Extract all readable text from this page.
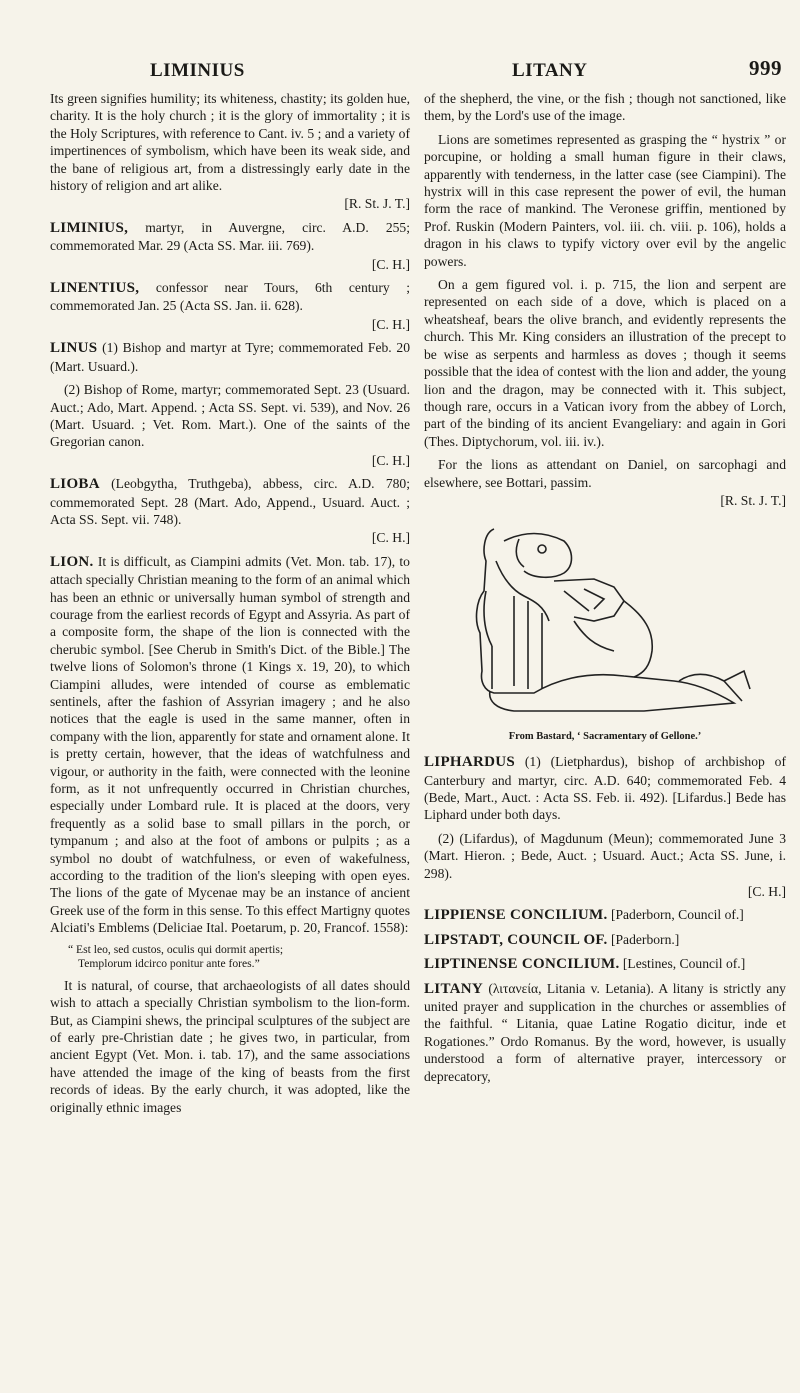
LIMINIUS	LITANY	999

Its green signifies humility; its whiteness, chastity; its golden hue, charity. It is the holy church ; it is the glory of immortality ; it is the Holy Scriptures, with reference to Cant. iv. 5 ; and a variety of impertinences of symbolism, which have been its weak side, and the bane of religious art, from a distressingly early date in the history of religion and art alike.
[R. St. J. T.]

LIMINIUS, martyr, in Auvergne, circ. A.D. 255; commemorated Mar. 29 (Acta SS. Mar. iii. 769).
[C. H.]

LINENTIUS, confessor near Tours, 6th century ; commemorated Jan. 25 (Acta SS. Jan. ii. 628).
[C. H.]

LINUS (1) Bishop and martyr at Tyre; commemorated Feb. 20 (Mart. Usuard.).

(2) Bishop of Rome, martyr; commemorated Sept. 23 (Usuard. Auct.; Ado, Mart. Append. ; Acta SS. Sept. vi. 539), and Nov. 26 (Mart. Usuard. ; Vet. Rom. Mart.). One of the saints of the Gregorian canon.
[C. H.]

LIOBA (Leobgytha, Truthgeba), abbess, circ. A.D. 780; commemorated Sept. 28 (Mart. Ado, Append., Usuard. Auct. ; Acta SS. Sept. vii. 748).
[C. H.]

LION. It is difficult, as Ciampini admits (Vet. Mon. tab. 17), to attach specially Christian meaning to the form of an animal which has been an ethnic or universally human symbol of strength and courage from the earliest records of Egypt and Assyria. As part of a composite form, the shape of the lion is connected with the cherubic symbol. [See Cherub in Smith's Dict. of the Bible.] The twelve lions of Solomon's throne (1 Kings x. 19, 20), to which Ciampini alludes, were intended of course as emblematic sentinels, after the fashion of Assyrian imagery ; and he also notices that the eagle is used in the same manner, often in company with the lion, apparently for state and ornament alone. It is pretty certain, however, that the ideas of watchfulness and vigour, or authority in the faith, were connected with the leonine form, as it not unfrequently occurred in Christian churches, especially under Lombard rule. It is placed at the doors, very frequently as a solid base to small pillars in the porch, or tympanum ; and also at the foot of ambons or pulpits ; as a symbol no doubt of watchfulness, or even of wakefulness, according to the tradition of the lion's sleeping with open eyes. The lions of the gate of Mycenae may be an instance of ancient Greek use of the form in this sense. To this effect Martigny quotes Alciati's Emblems (Deliciae Ital. Poetarum, p. 20, Francof. 1558):

“ Est leo, sed custos, oculis qui dormit apertis;
Templorum idcirco ponitur ante fores.”

It is natural, of course, that archaeologists of all dates should wish to attach a specially Christian symbolism to the lion-form. But, as Ciampini shews, the principal sculptures of the subject are of early pre-Christian date ; he gives two, in particular, from ancient Egypt (Vet. Mon. i. tab. 17), and the same associations have attended the image of the king of beasts from the first records of ideas. By the early church, it was adopted, like the originally ethnic images

of the shepherd, the vine, or the fish ; though not sanctioned, like them, by the Lord's use of the image.

Lions are sometimes represented as grasping the “ hystrix ” or porcupine, or holding a small human figure in their claws, apparently with tenderness, in the latter case (see Ciampini). The hystrix will in this case represent the power of evil, the human form the race of mankind. The Veronese griffin, mentioned by Prof. Ruskin (Modern Painters, vol. iii. ch. viii. p. 106), holds a dragon in his claws to typify victory over evil by the angelic powers.

On a gem figured vol. i. p. 715, the lion and serpent are represented on each side of a dove, which is placed on a wheatsheaf, bears the olive branch, and evidently represents the church. This Mr. King considers an illustration of the precept to be wise as serpents and harmless as doves ; though it seems possible that the idea of contest with the lion and adder, the young lion and the dragon, may be connected with it. This subject, though rare, occurs in a Vatican ivory from the abbey of Lorch, part of the binding of its ancient Evangeliary: and again in Gori (Thes. Diptychorum, vol. iii. iv.).

For the lions as attendant on Daniel, on sarcophagi and elsewhere, see Bottari, passim.
[R. St. J. T.]

From Bastard, ‘ Sacramentary of Gellone.’

LIPHARDUS (1) (Lietphardus), bishop of archbishop of Canterbury and martyr, circ. A.D. 640; commemorated Feb. 4 (Bede, Mart., Auct. : Acta SS. Feb. ii. 492). [Lifardus.] Bede has Liphard under both days.

(2) (Lifardus), of Magdunum (Meun); commemorated June 3 (Mart. Hieron. ; Bede, Auct. ; Usuard. Auct.; Acta SS. June, i. 298).
[C. H.]

LIPPIENSE CONCILIUM. [Paderborn, Council of.]

LIPSTADT, COUNCIL OF. [Paderborn.]

LIPTINENSE CONCILIUM. [Lestines, Council of.]

LITANY (λιτανεία, Litania v. Letania). A litany is strictly any united prayer and supplication in the churches or assemblies of the faithful. “ Litania, quae Latine Rogatio dicitur, inde et Rogationes.” Ordo Romanus. By the word, however, is usually understood a form of alternative prayer, intercessory or deprecatory,
